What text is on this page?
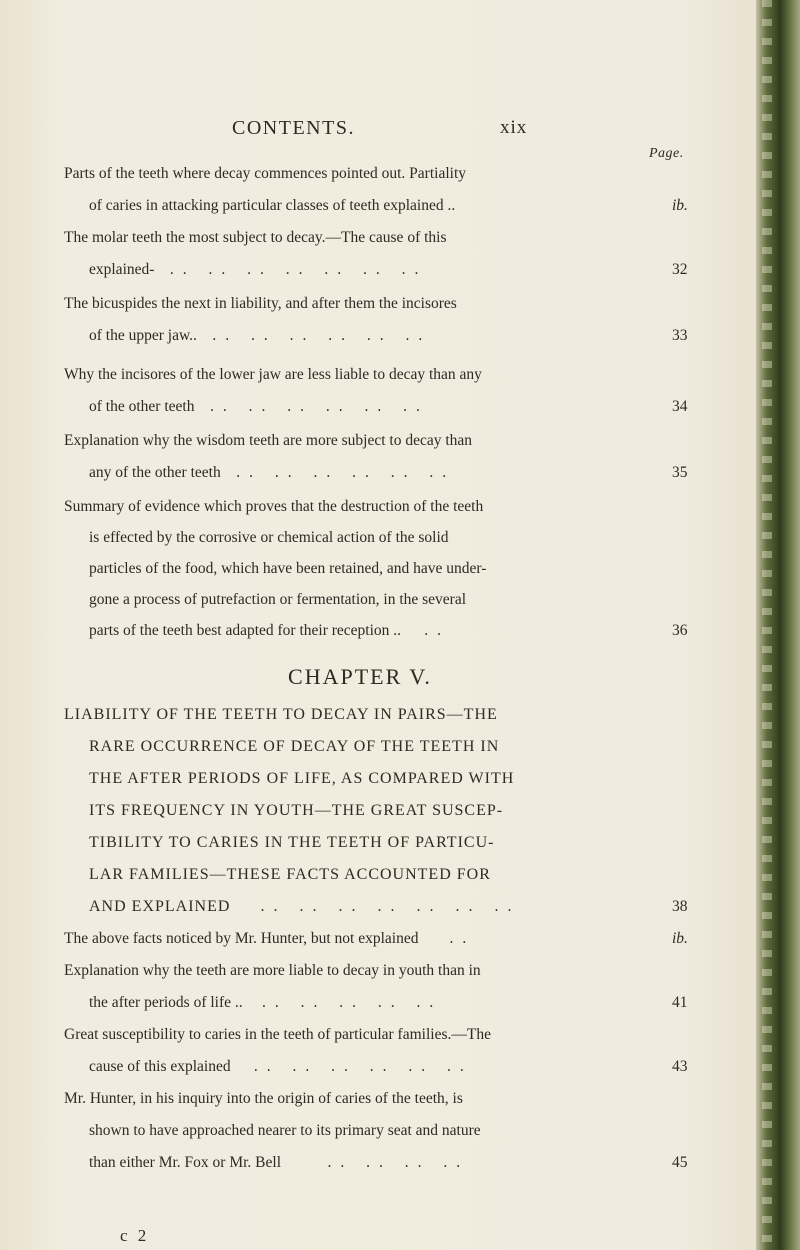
CONTENTS.	xix
Page.
Parts of the teeth where decay commences pointed out. Partiality
of caries in attacking particular classes of teeth explained ..	ib.
The molar teeth the most subject to decay.—The cause of this
explained- .. .. .. .. .. .. ..	32
The bicuspides the next in liability, and after them the incisores
of the upper jaw.. .. .. .. .. .. ..	33
Why the incisores of the lower jaw are less liable to decay than any
of the other teeth .. .. .. .. .. ..	34
Explanation why the wisdom teeth are more subject to decay than
any of the other teeth .. .. .. .. .. ..	35
Summary of evidence which proves that the destruction of the teeth
is effected by the corrosive or chemical action of the solid
particles of the food, which have been retained, and have under-
gone a process of putrefaction or fermentation, in the several
parts of the teeth best adapted for their reception .. ..	36
CHAPTER V.
LIABILITY OF THE TEETH TO DECAY IN PAIRS—THE
RARE OCCURRENCE OF DECAY OF THE TEETH IN
THE AFTER PERIODS OF LIFE, AS COMPARED WITH
ITS FREQUENCY IN YOUTH—THE GREAT SUSCEP-
TIBILITY TO CARIES IN THE TEETH OF PARTICU-
LAR FAMILIES—THESE FACTS ACCOUNTED FOR
AND EXPLAINED .. .. .. .. .. .. ..	38
The above facts noticed by Mr. Hunter, but not explained ..	ib.
Explanation why the teeth are more liable to decay in youth than in
the after periods of life .. .. .. .. .. ..	41
Great susceptibility to caries in the teeth of particular families.—The
cause of this explained .. .. .. .. .. ..	43
Mr. Hunter, in his inquiry into the origin of caries of the teeth, is
shown to have approached nearer to its primary seat and nature
than either Mr. Fox or Mr. Bell	.. .. .. ..	45
c 2
